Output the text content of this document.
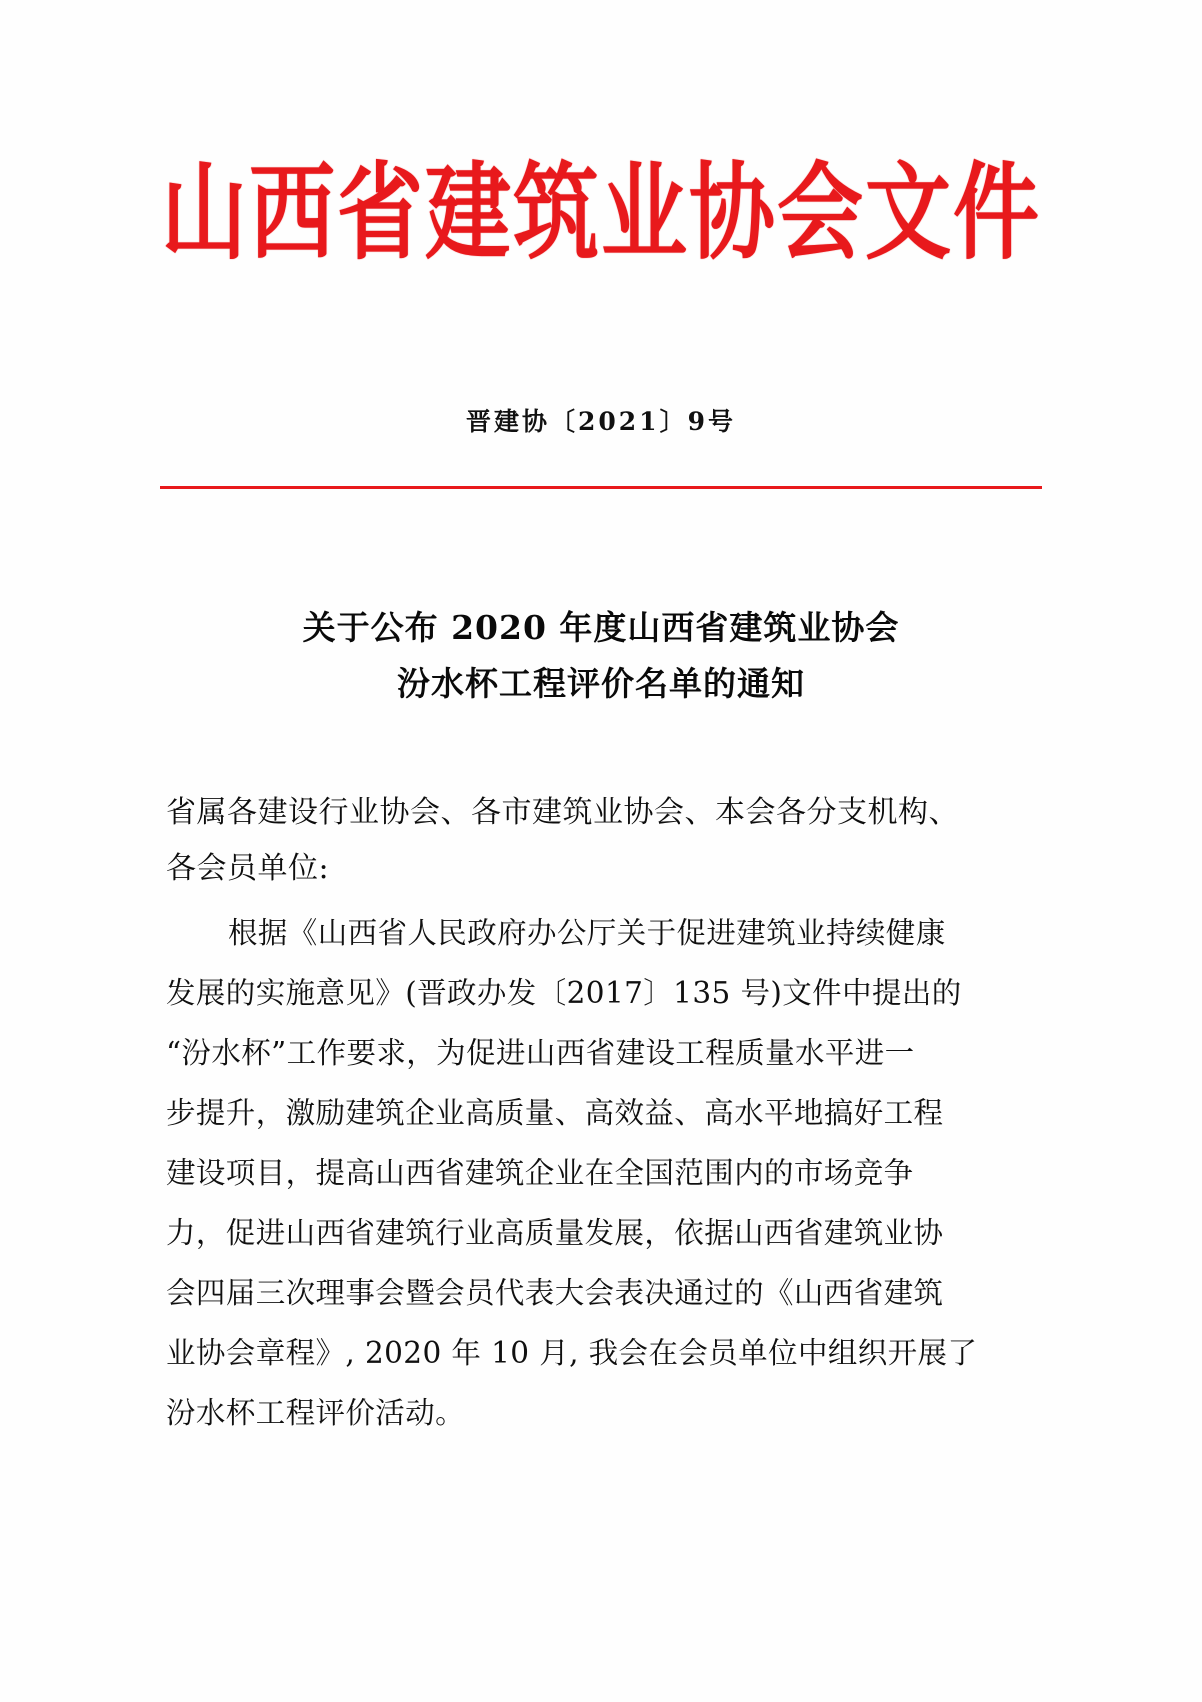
山西省建筑业协会文件
晋建协〔2021〕9号
关于公布 2020 年度山西省建筑业协会
汾水杯工程评价名单的通知
省属各建设行业协会、各市建筑业协会、本会各分支机构、
各会员单位:
根据《山西省人民政府办公厅关于促进建筑业持续健康
发展的实施意见》(晋政办发〔2017〕135 号)文件中提出的
“汾水杯”工作要求，为促进山西省建设工程质量水平进一
步提升，激励建筑企业高质量、高效益、高水平地搞好工程
建设项目，提高山西省建筑企业在全国范围内的市场竞争
力，促进山西省建筑行业高质量发展，依据山西省建筑业协
会四届三次理事会暨会员代表大会表决通过的《山西省建筑
业协会章程》, 2020 年 10 月, 我会在会员单位中组织开展了
汾水杯工程评价活动。
